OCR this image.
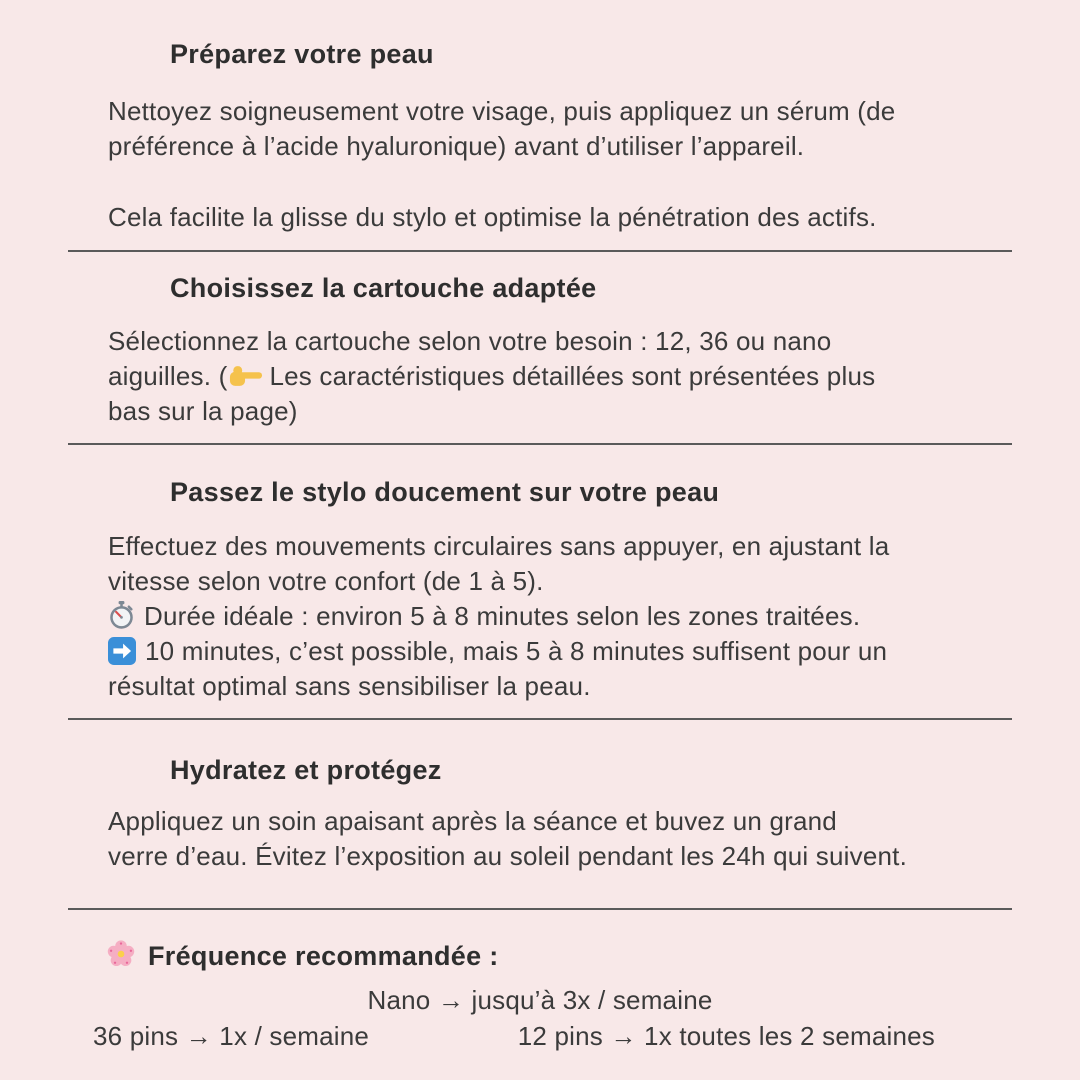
Préparez votre peau
Nettoyez soigneusement votre visage, puis appliquez un sérum (de
préférence à l’acide hyaluronique) avant d’utiliser l’appareil.
Cela facilite la glisse du stylo et optimise la pénétration des actifs.
Choisissez la cartouche adaptée
Sélectionnez la cartouche selon votre besoin : 12, 36 ou nano
aiguilles. ( Les caractéristiques détaillées sont présentées plus
bas sur la page)
Passez le stylo doucement sur votre peau
Effectuez des mouvements circulaires sans appuyer, en ajustant la
vitesse selon votre confort (de 1 à 5).
Durée idéale : environ 5 à 8 minutes selon les zones traitées.
10 minutes, c’est possible, mais 5 à 8 minutes suffisent pour un
résultat optimal sans sensibiliser la peau.
Hydratez et protégez
Appliquez un soin apaisant après la séance et buvez un grand
verre d’eau. Évitez l’exposition au soleil pendant les 24h qui suivent.
Fréquence recommandée :
Nano → jusqu’à 3x / semaine
36 pins → 1x / semaine	12 pins → 1x toutes les 2 semaines
